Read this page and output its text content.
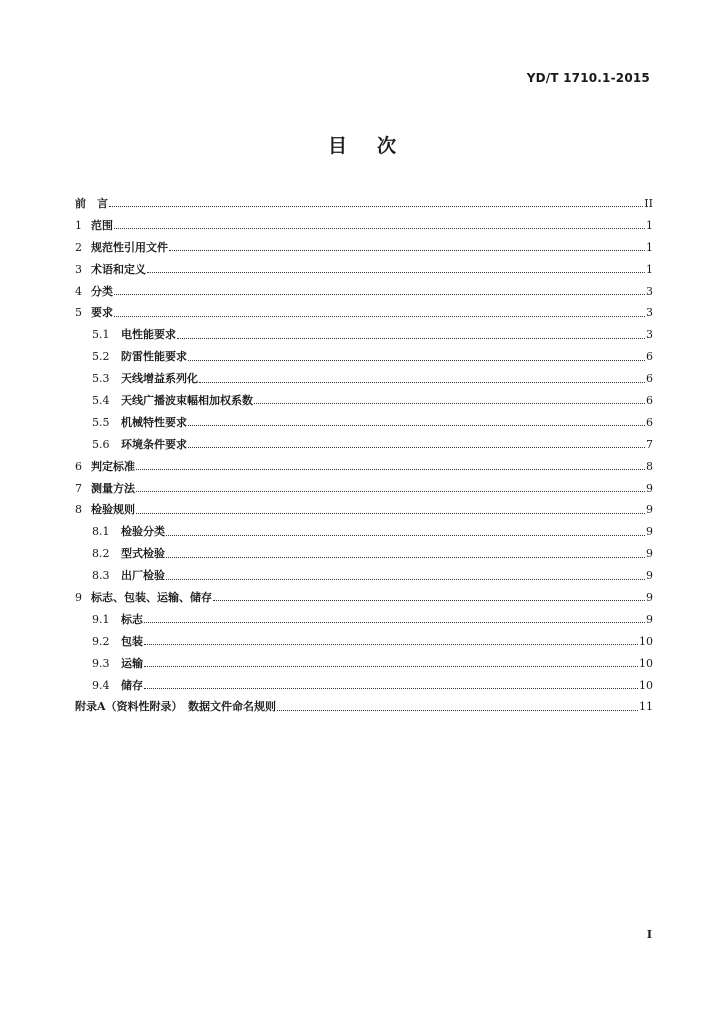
YD/T 1710.1-2015
目次
前　言	II
1 范围	1
2 规范性引用文件	1
3 术语和定义	1
4 分类	3
5 要求	3
5.1	电性能要求	3
5.2	防雷性能要求	6
5.3	天线增益系列化	6
5.4	天线广播波束幅相加权系数	6
5.5	机械特性要求	6
5.6	环境条件要求	7
6 判定标准	8
7 测量方法	9
8 检验规则	9
8.1	检验分类	9
8.2	型式检验	9
8.3	出厂检验	9
9 标志、包装、运输、储存	9
9.1	标志	9
9.2	包装	10
9.3	运输	10
9.4	储存	10
附录A（资料性附录）　数据文件命名规则	11
I
